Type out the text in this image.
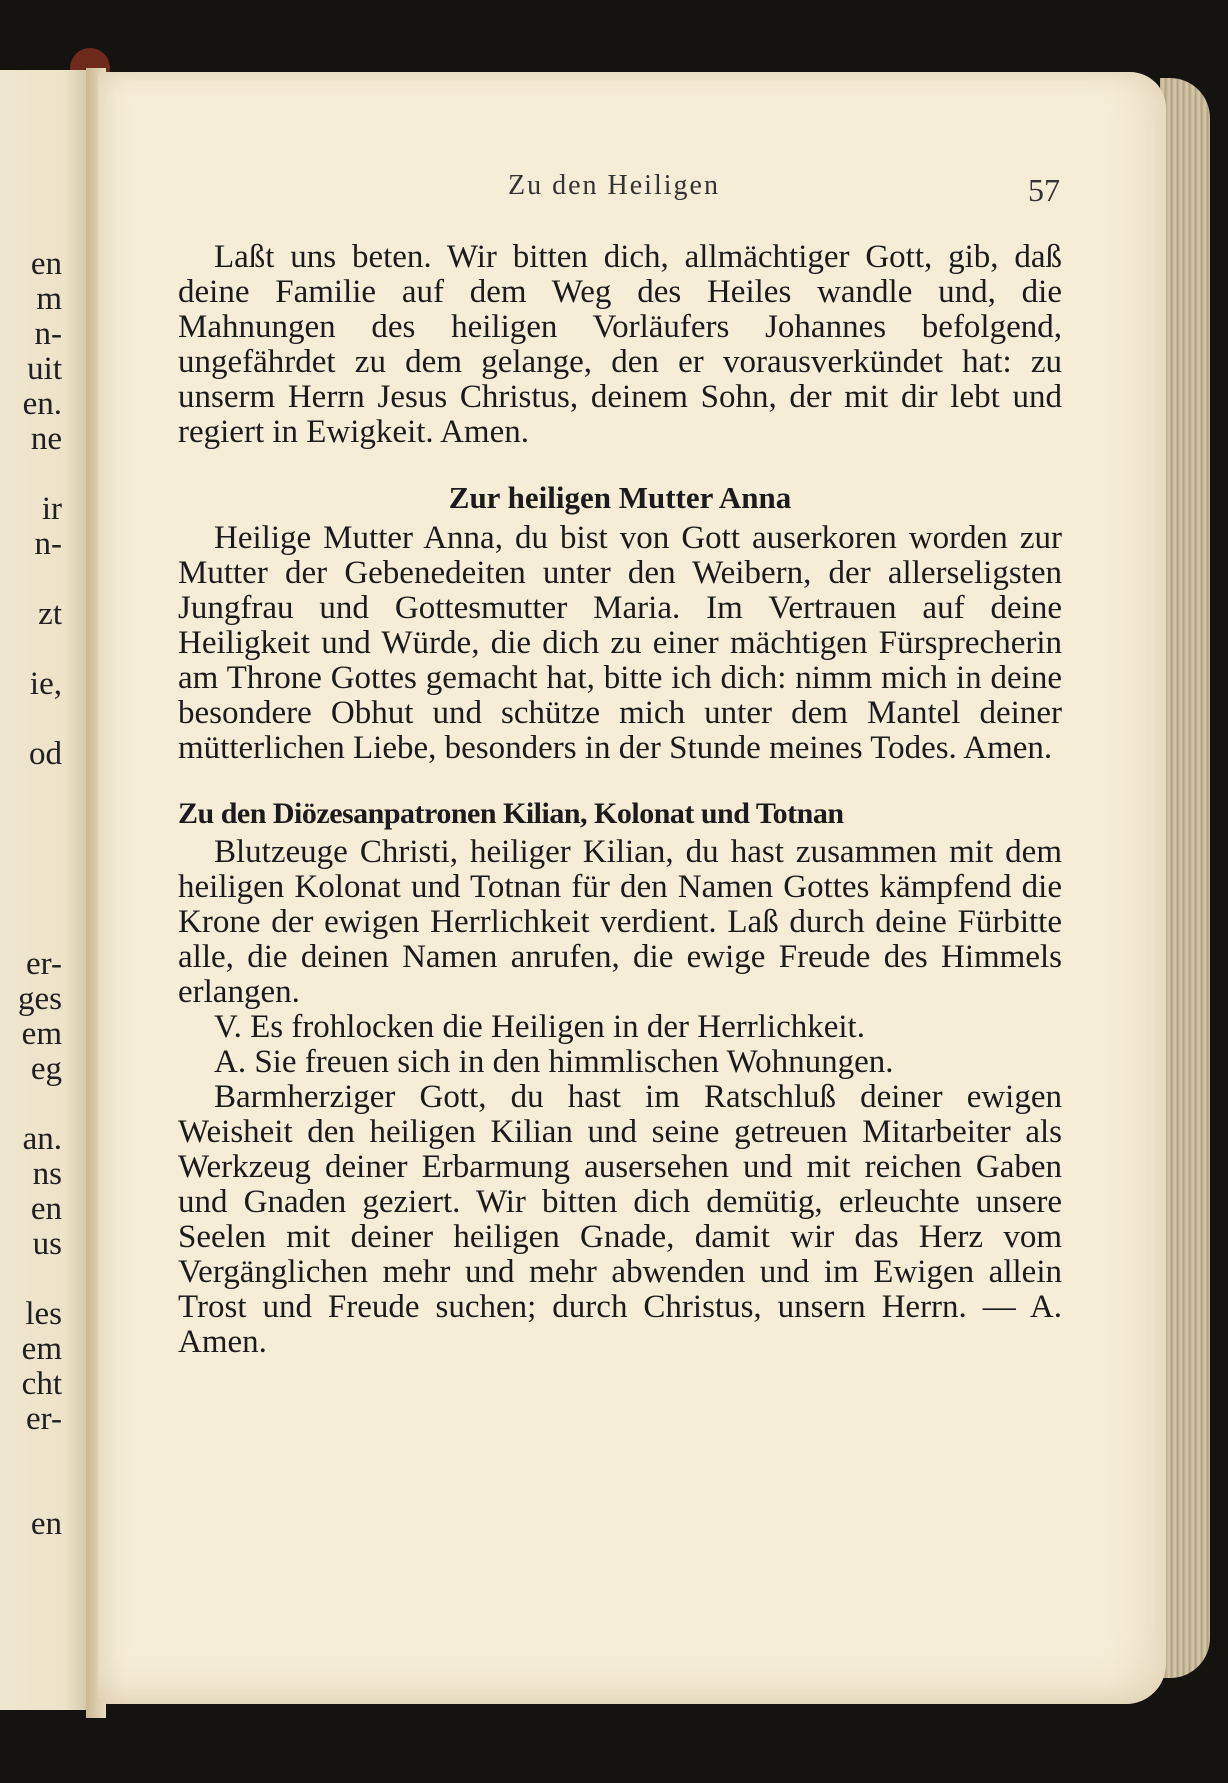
en
m
n-
uit
en.
ne
ir
n-
zt
ie,
od
er-
ges
em
eg
an.
ns
en
us
les
em
cht
er-
en
Zu den Heiligen	57

Laßt uns beten. Wir bitten dich, allmächtiger Gott, gib, daß deine Familie auf dem Weg des Heiles wandle und, die Mahnungen des heiligen Vorläufers Johannes befolgend, ungefährdet zu dem gelange, den er vorausverkündet hat: zu unserm Herrn Jesus Christus, deinem Sohn, der mit dir lebt und regiert in Ewigkeit. Amen.

Zur heiligen Mutter Anna

Heilige Mutter Anna, du bist von Gott auserkoren worden zur Mutter der Gebenedeiten unter den Weibern, der allerseligsten Jungfrau und Gottesmutter Maria. Im Vertrauen auf deine Heiligkeit und Würde, die dich zu einer mächtigen Fürsprecherin am Throne Gottes gemacht hat, bitte ich dich: nimm mich in deine besondere Obhut und schütze mich unter dem Mantel deiner mütterlichen Liebe, besonders in der Stunde meines Todes. Amen.

Zu den Diözesanpatronen Kilian, Kolonat und Totnan

Blutzeuge Christi, heiliger Kilian, du hast zusammen mit dem heiligen Kolonat und Totnan für den Namen Gottes kämpfend die Krone der ewigen Herrlichkeit verdient. Laß durch deine Fürbitte alle, die deinen Namen anrufen, die ewige Freude des Himmels erlangen.

V. Es frohlocken die Heiligen in der Herrlichkeit.

A. Sie freuen sich in den himmlischen Wohnungen.

Barmherziger Gott, du hast im Ratschluß deiner ewigen Weisheit den heiligen Kilian und seine getreuen Mitarbeiter als Werkzeug deiner Erbarmung ausersehen und mit reichen Gaben und Gnaden geziert. Wir bitten dich demütig, erleuchte unsere Seelen mit deiner heiligen Gnade, damit wir das Herz vom Vergänglichen mehr und mehr abwenden und im Ewigen allein Trost und Freude suchen; durch Christus, unsern Herrn. — A. Amen.
